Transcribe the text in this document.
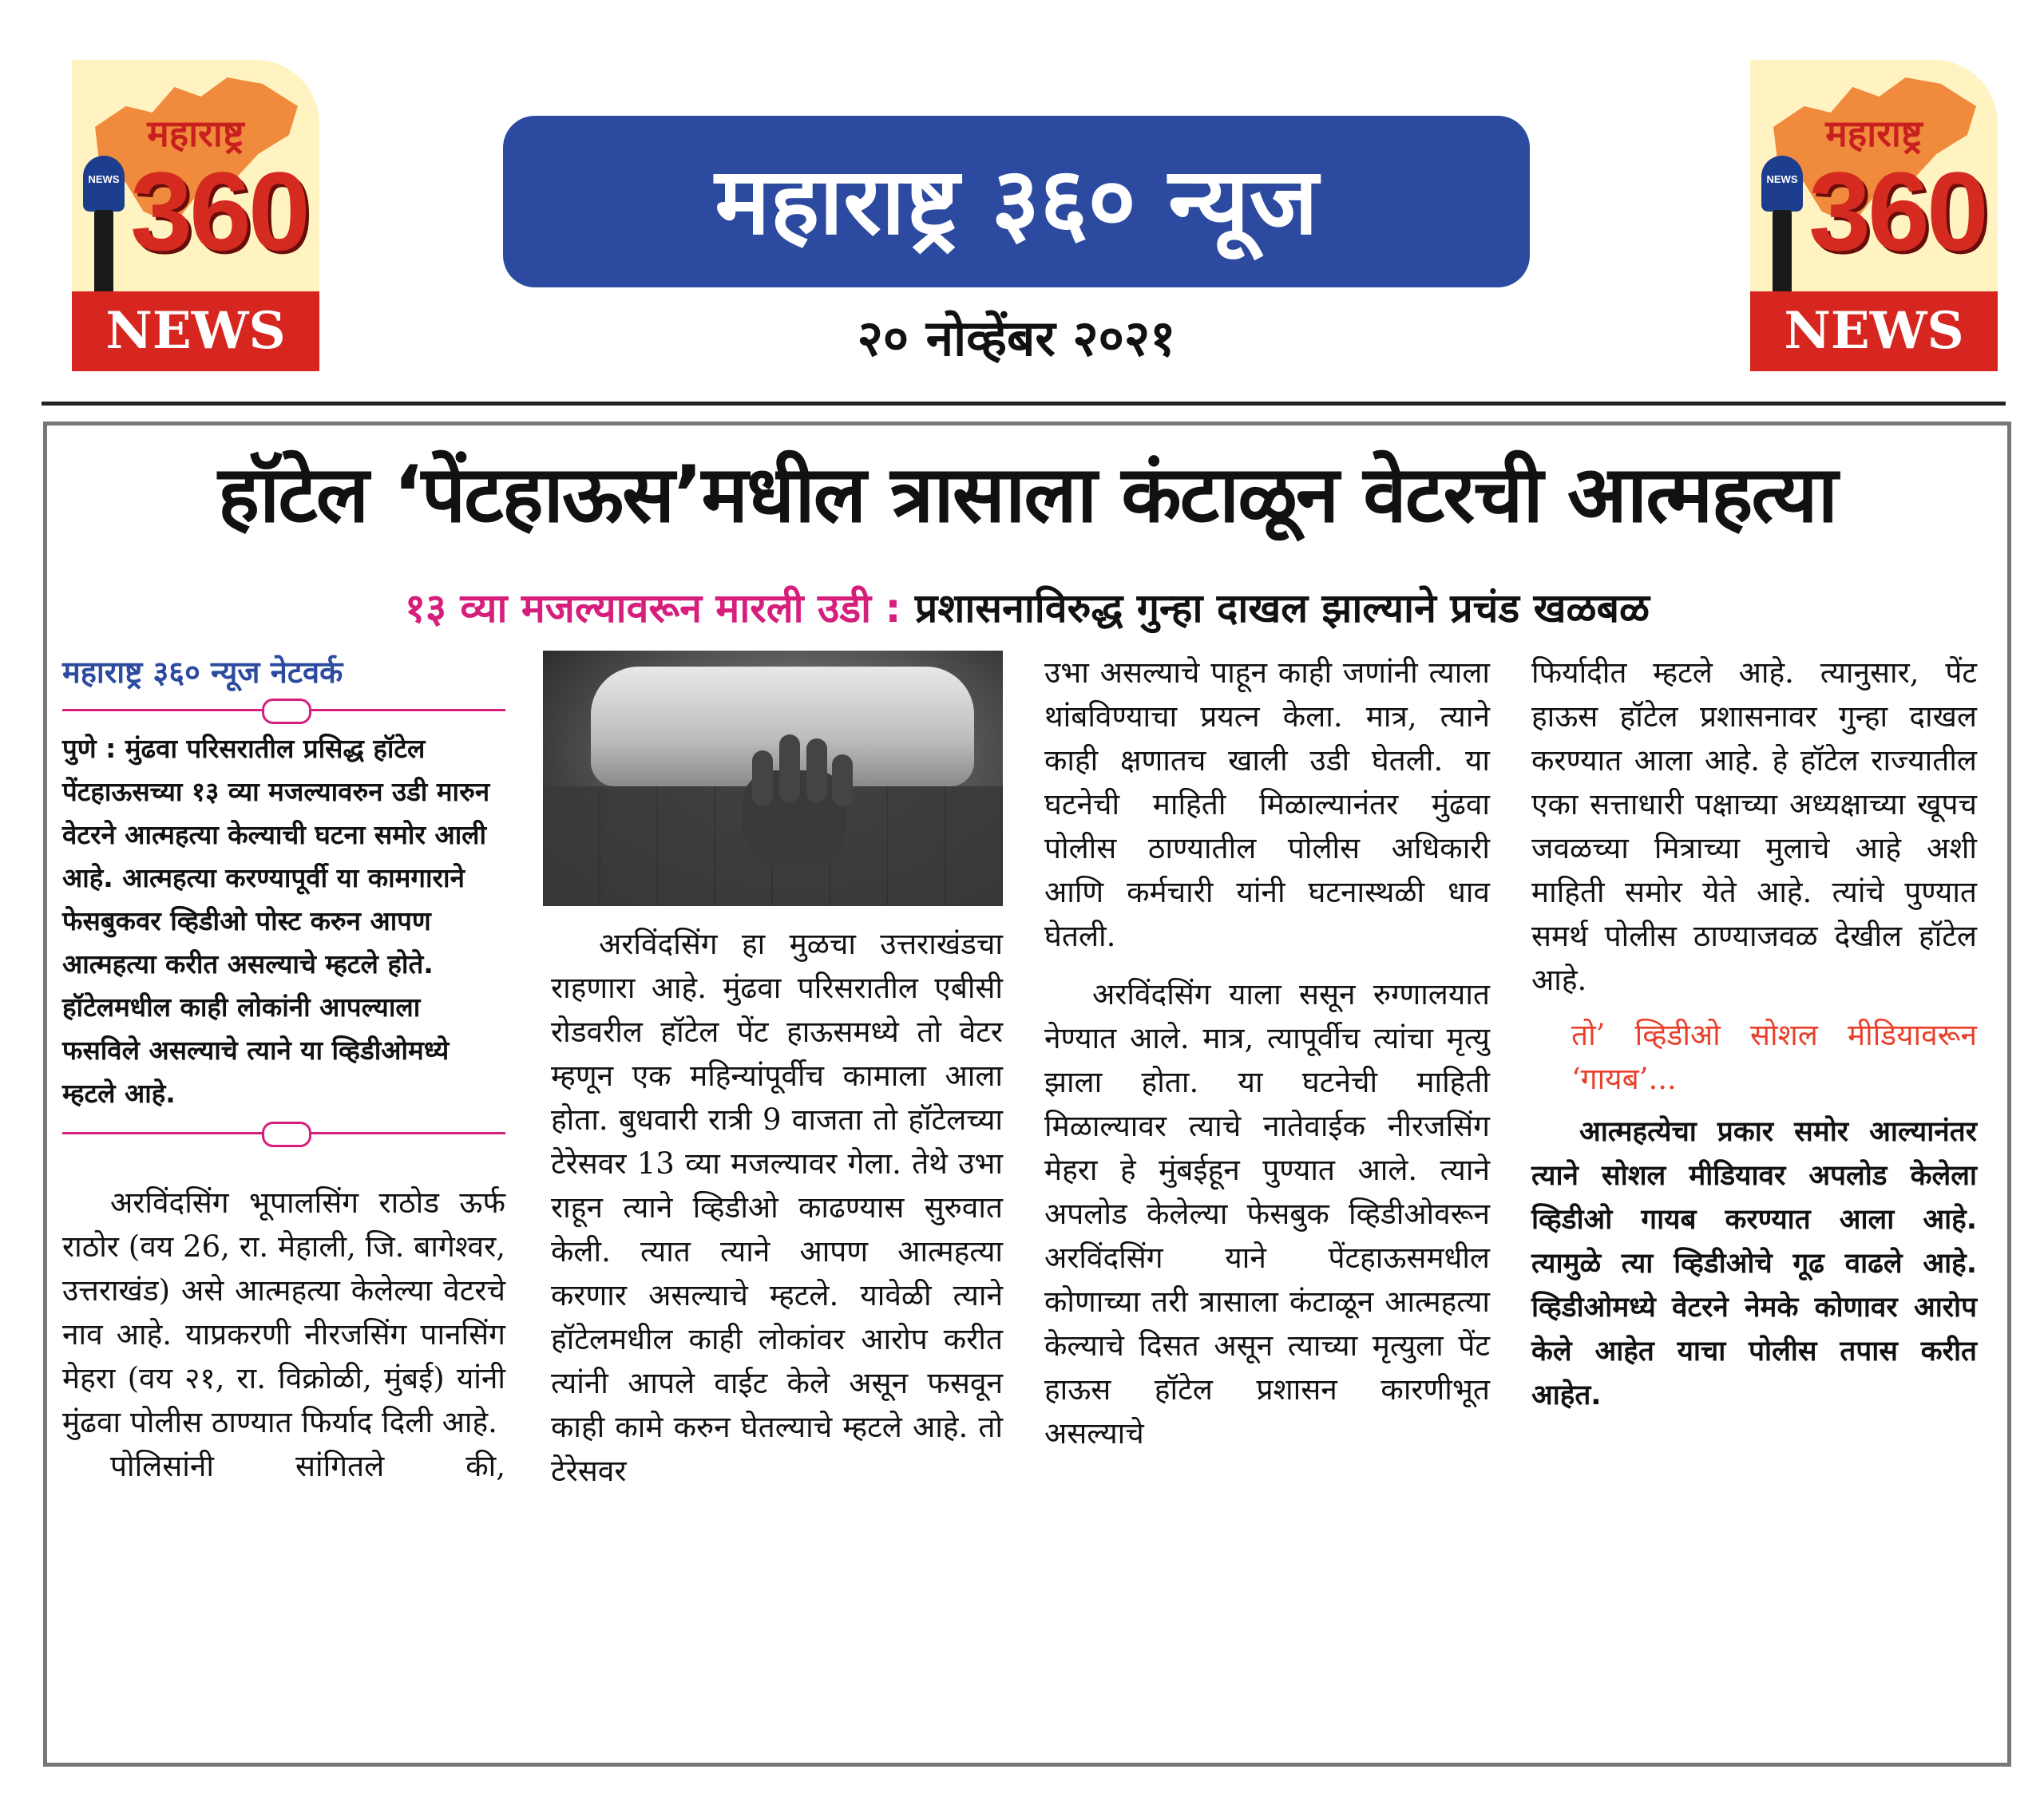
महाराष्ट्र
360
NEWS
NEWS
महाराष्ट्र
360
NEWS
NEWS
महाराष्ट्र ३६० न्यूज
२० नोव्हेंबर २०२१
हॉटेल ‘पेंटहाऊस’मधील त्रासाला कंटाळून वेटरची आत्महत्या
१३ व्या मजल्यावरून मारली उडी : प्रशासनाविरुद्ध गुन्हा दाखल झाल्याने प्रचंड खळबळ
महाराष्ट्र ३६० न्यूज नेटवर्क

पुणे : मुंढवा परिसरातील प्रसिद्ध हॉटेल पेंटहाऊसच्या १३ व्या मजल्यावरुन उडी मारुन वेटरने आत्महत्या केल्याची घटना समोर आली आहे. आत्महत्या करण्यापूर्वी या कामगाराने फेसबुकवर व्हिडीओ पोस्ट करुन आपण आत्महत्या करीत असल्याचे म्हटले होते. हॉटेलमधील काही लोकांनी आपल्याला फसविले असल्याचे त्याने या व्हिडीओमध्ये म्हटले आहे.

अरविंदसिंग भूपालसिंग राठोड ऊर्फ राठोर (वय 26, रा. मेहाली, जि. बागेश्वर, उत्तराखंड) असे आत्महत्या केलेल्या वेटरचे नाव आहे. याप्रकरणी नीरजसिंग पानसिंग मेहरा (वय २१, रा. विक्रोळी, मुंबई) यांनी मुंढवा पोलीस ठाण्यात फिर्याद दिली आहे.

पोलिसांनी सांगितले की,

अरविंदसिंग हा मुळचा उत्तराखंडचा राहणारा आहे. मुंढवा परिसरातील एबीसी रोडवरील हॉटेल पेंट हाऊसमध्ये तो वेटर म्हणून एक महिन्यांपूर्वीच कामाला आला होता. बुधवारी रात्री 9 वाजता तो हॉटेलच्या टेरेसवर 13 व्या मजल्यावर गेला. तेथे उभा राहून त्याने व्हिडीओ काढण्यास सुरुवात केली. त्यात त्याने आपण आत्महत्या करणार असल्याचे म्हटले. यावेळी त्याने हॉटेलमधील काही लोकांवर आरोप करीत त्यांनी आपले वाईट केले असून फसवून काही कामे करुन घेतल्याचे म्हटले आहे. तो टेरेसवर

उभा असल्याचे पाहून काही जणांनी त्याला थांबविण्याचा प्रयत्न केला. मात्र, त्याने काही क्षणातच खाली उडी घेतली. या घटनेची माहिती मिळाल्यानंतर मुंढवा पोलीस ठाण्यातील पोलीस अधिकारी आणि कर्मचारी यांनी घटनास्थळी धाव घेतली.

अरविंदसिंग याला ससून रुग्णालयात नेण्यात आले. मात्र, त्यापूर्वीच त्यांचा मृत्यु झाला होता. या घटनेची माहिती मिळाल्यावर त्याचे नातेवाईक नीरजसिंग मेहरा हे मुंबईहून पुण्यात आले. त्याने अपलोड केलेल्या फेसबुक व्हिडीओवरून अरविंदसिंग याने पेंटहाऊसमधील कोणाच्या तरी त्रासाला कंटाळून आत्महत्या केल्याचे दिसत असून त्याच्या मृत्युला पेंट हाऊस हॉटेल प्रशासन कारणीभूत असल्याचे

फिर्यादीत म्हटले आहे. त्यानुसार, पेंट हाऊस हॉटेल प्रशासनावर गुन्हा दाखल करण्यात आला आहे. हे हॉटेल राज्यातील एका सत्ताधारी पक्षाच्या अध्यक्षाच्या खूपच जवळच्या मित्राच्या मुलाचे आहे अशी माहिती समोर येते आहे. त्यांचे पुण्यात समर्थ पोलीस ठाण्याजवळ देखील हॉटेल आहे.

तो’ व्हिडीओ सोशल मीडियावरून ‘गायब’...

आत्महत्येचा प्रकार समोर आल्यानंतर त्याने सोशल मीडियावर अपलोड केलेला व्हिडीओ गायब करण्यात आला आहे. त्यामुळे त्या व्हिडीओचे गूढ वाढले आहे. व्हिडीओमध्ये वेटरने नेमके कोणावर आरोप केले आहेत याचा पोलीस तपास करीत आहेत.
